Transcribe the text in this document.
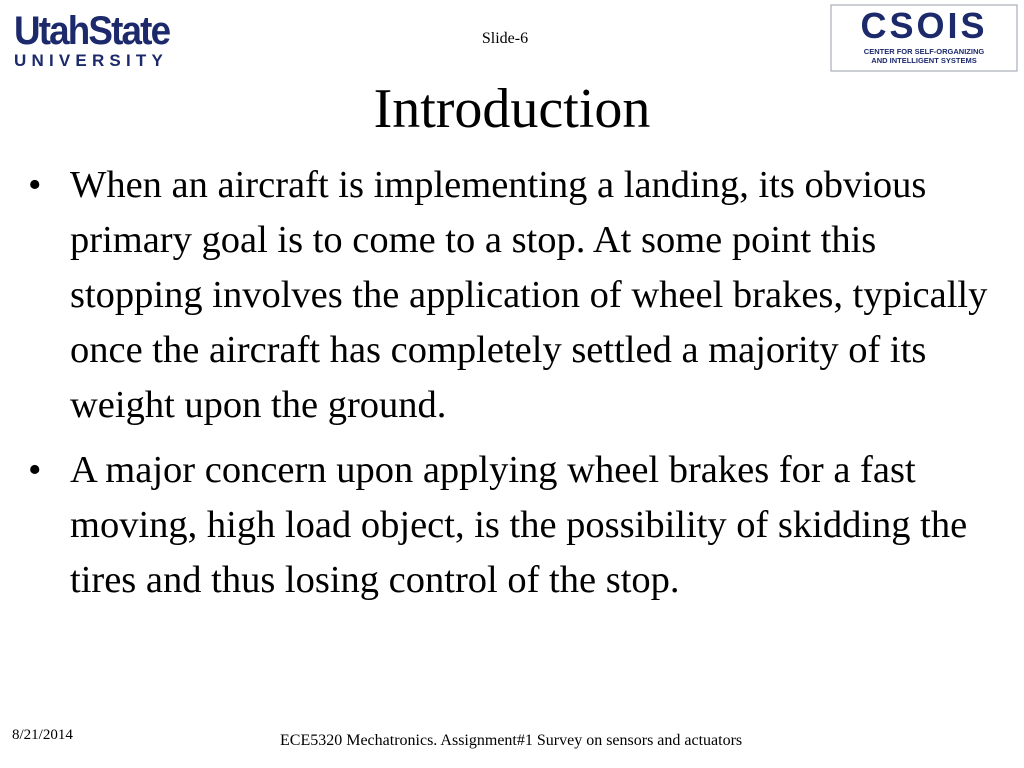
UtahState
UNIVERSITY
Slide-6	CSOIS
CENTER FOR SELF-ORGANIZING
AND INTELLIGENT SYSTEMS
Introduction
• When an aircraft is implementing a landing, its obvious primary goal is to come to a stop. At some point this stopping involves the application of wheel brakes, typically once the aircraft has completely settled a majority of its weight upon the ground.
• A major concern upon applying wheel brakes for a fast moving, high load object, is the possibility of skidding the tires and thus losing control of the stop.
8/21/2014	ECE5320 Mechatronics. Assignment#1 Survey on sensors and actuators
